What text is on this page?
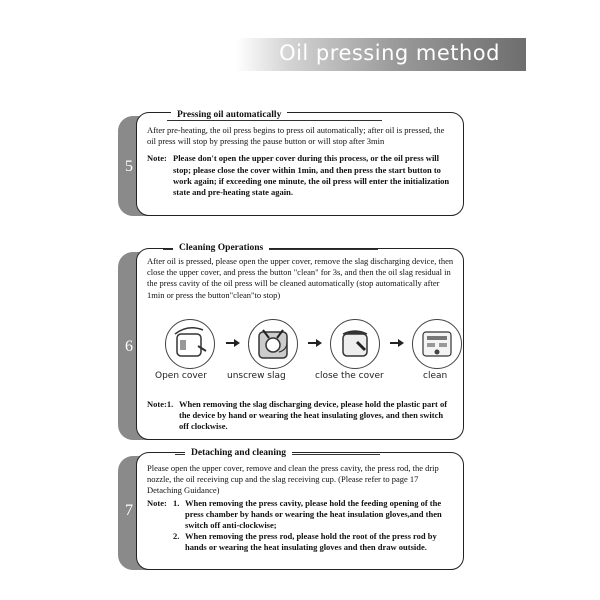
Oil pressing method
5
Pressing oil automatically

After pre-heating, the oil press begins to press oil automatically; after oil is pressed, the oil press will stop by pressing the pause button or will stop after 3min

Note: Please don't open the upper cover during this process, or the oil press will stop; please close the cover within 1min, and then press the start button to work again; if exceeding one minute, the oil press will enter the initialization state and pre-heating state again.
6
Cleaning Operations

After oil is pressed, please open the upper cover, remove the slag discharging device, then close the upper cover, and press the button "clean" for 3s, and then the oil slag residual in the press cavity of the oil press will be cleaned automatically (stop automatically after 1min or press the button"clean"to stop)

Open cover unscrew slag	close the cover	clean
Note:1. When removing the slag discharging device, please hold the plastic part of the device by hand or wearing the heat insulating gloves, and then switch off clockwise.
7
Detaching and cleaning

Please open the upper cover, remove and clean the press cavity, the press rod, the drip nozzle, the oil receiving cup and the slag receiving cup. (Please refer to page 17 Detaching Guidance)

Note: 1. When removing the press cavity, please hold the feeding opening of the press chamber by hands or wearing the heat insulation gloves,and then switch off anti-clockwise;
2. When removing the press rod, please hold the root of the press rod by hands or wearing the heat insulating gloves and then draw outside.
